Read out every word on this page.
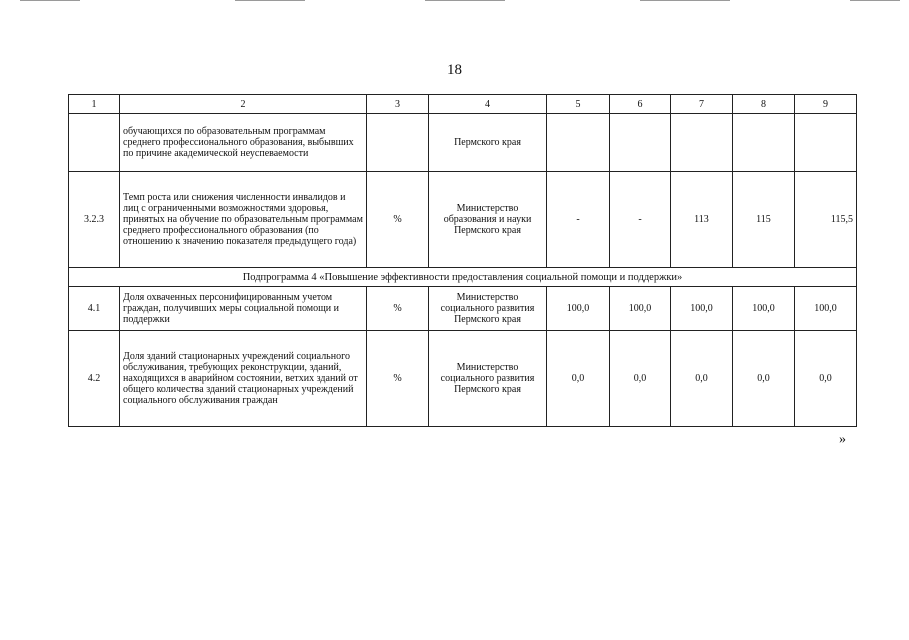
18
1	2	3	4	5	6	7	8	9
	обучающихся по образовательным программам среднего профессионального образования, выбывших по причине академической неуспеваемости		Пермского края					
3.2.3	Темп роста или снижения численности инвалидов и лиц с ограниченными возможностями здоровья, принятых на обучение по образовательным программам среднего профессионального образования (по отношению к значению показателя предыдущего года)	%	Министерство образования и науки Пермского края	-	-	113	115	115,5
Подпрограмма 4 «Повышение эффективности предоставления социальной помощи и поддержки»								
4.1	Доля охваченных персонифицированным учетом граждан, получивших меры социальной помощи и поддержки	%	Министерство социального развития Пермского края	100,0	100,0	100,0	100,0	100,0
4.2	Доля зданий стационарных учреждений социального обслуживания, требующих реконструкции, зданий, находящихся в аварийном состоянии, ветхих зданий от общего количества зданий стационарных учреждений социального обслуживания граждан	%	Министерство социального развития Пермского края	0,0	0,0	0,0	0,0	0,0
»
